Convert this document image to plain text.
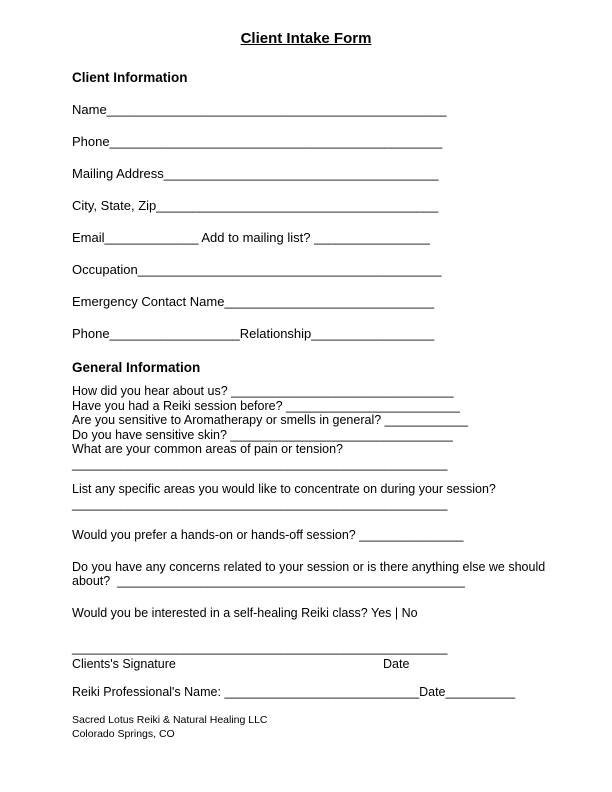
Client Intake Form
Client Information
Name_______________________________________________
Phone______________________________________________
Mailing Address______________________________________
City, State, Zip_______________________________________
Email_____________ Add to mailing list? ________________
Occupation__________________________________________
Emergency Contact Name_____________________________
Phone__________________Relationship_________________
General Information
How did you hear about us? ________________________________
Have you had a Reiki session before? _________________________
Are you sensitive to Aromatherapy or smells in general? ____________
Do you have sensitive skin? ________________________________
What are your common areas of pain or tension?
______________________________________________________
List any specific areas you would like to concentrate on during your session?
______________________________________________________
Would you prefer a hands-on or hands-off session? _______________
Do you have any concerns related to your session or is there anything else we should
about?  __________________________________________________
Would you be interested in a self-healing Reiki class? Yes | No
______________________________________________________
Clients's Signature	Date
Reiki Professional's Name: ____________________________Date__________
Sacred Lotus Reiki & Natural Healing LLC
Colorado Springs, CO
